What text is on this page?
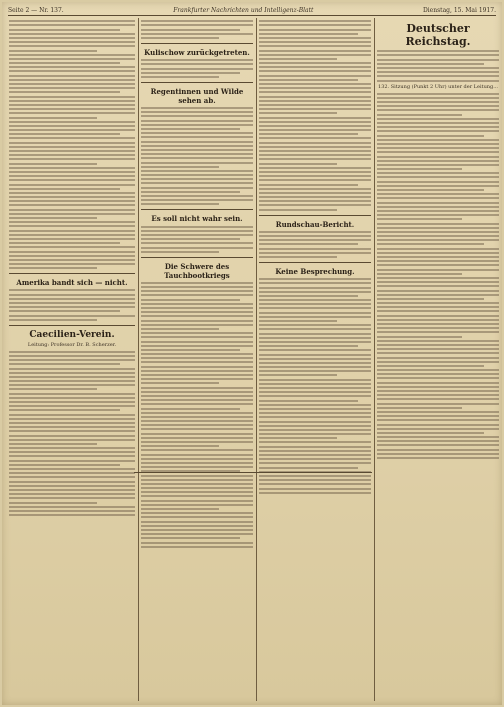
Seite 2 — Nr. 137.	Frankfurter Nachrichten und Intelligenz-Blatt	Dienstag, 15. Mai 1917.
Amerika bandt sich — nicht.
Caecilien-Verein.
Leitung: Professor Dr. B. Scherzer.
Kulischow zurückgetreten.
Regentinnen und Wilde sehen ab.
Es soll nicht wahr sein.
Die Schwere des Tauchbootkriegs
Rundschau-Bericht.
Keine Besprechung.
Deutscher Reichstag.
132. Sitzung (Punkt 2 Uhr) unter der Leitung...
